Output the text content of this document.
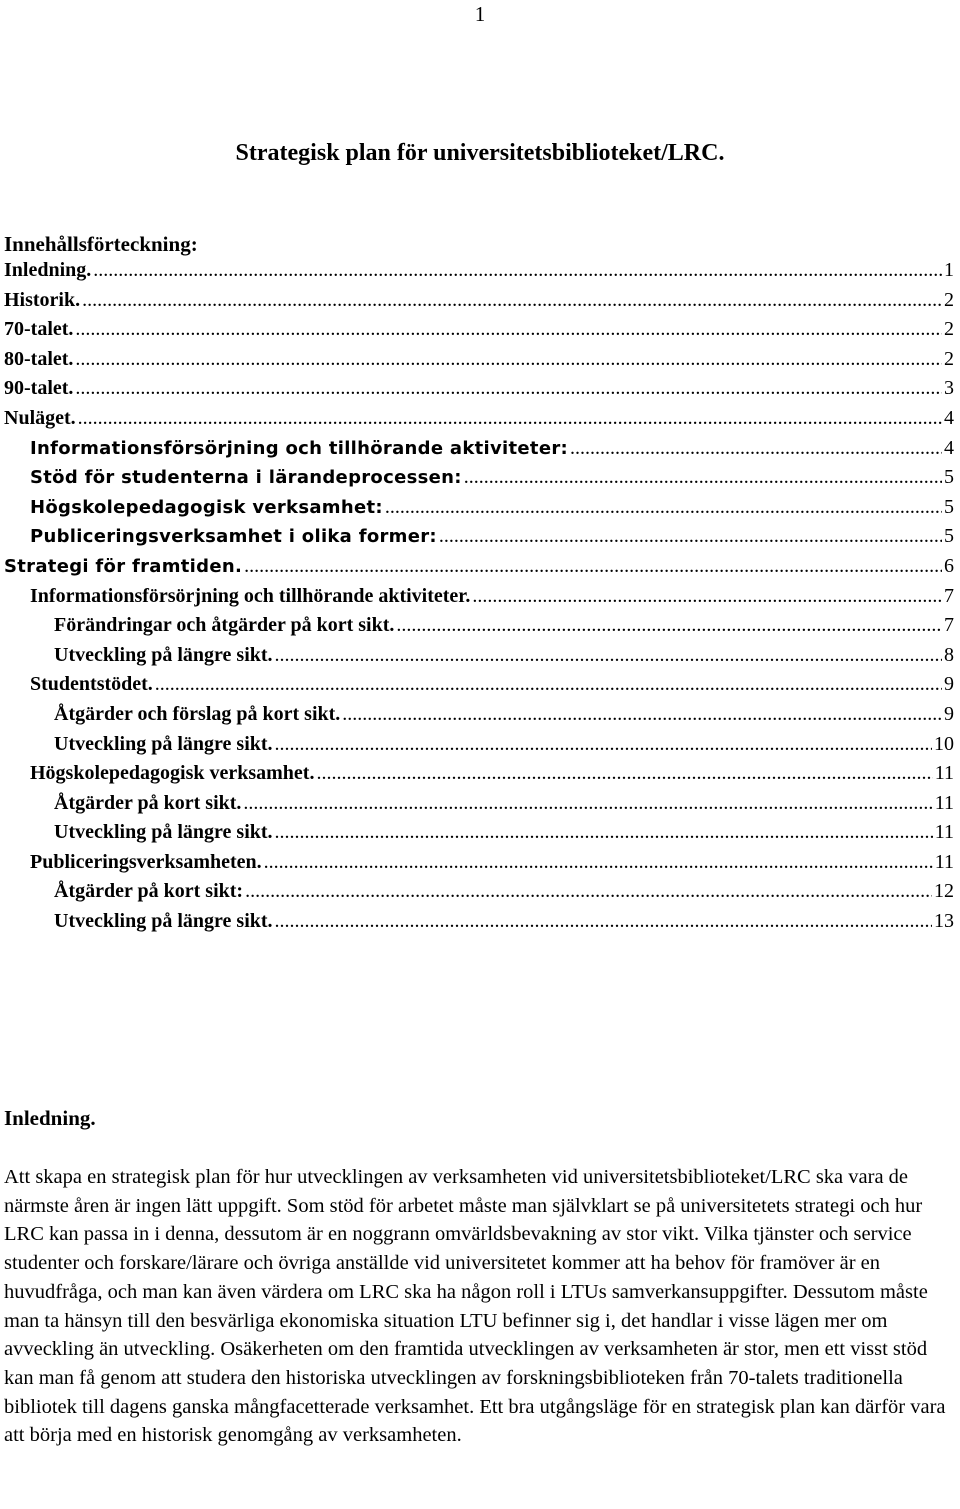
1
Strategisk plan för universitetsbiblioteket/LRC.
Innehållsförteckning:
Inledning. .....	1
Historik. .....	2
70-talet. .....	2
80-talet. .....	2
90-talet. .....	3
Nuläget. .....	4
Informationsförsörjning och tillhörande aktiviteter: .....	4
Stöd för studenterna i lärandeprocessen: .....	5
Högskolepedagogisk verksamhet: .....	5
Publiceringsverksamhet i olika former: .....	5
Strategi för framtiden. .....	6
Informationsförsörjning och tillhörande aktiviteter. .....	7
Förändringar och åtgärder på kort sikt. .....	7
Utveckling på längre sikt. .....	8
Studentstödet. .....	9
Åtgärder och förslag på kort sikt. .....	9
Utveckling på längre sikt. .....	10
Högskolepedagogisk verksamhet. .....	11
Åtgärder på kort sikt. .....	11
Utveckling på längre sikt. .....	11
Publiceringsverksamheten. .....	11
Åtgärder på kort sikt: .....	12
Utveckling på längre sikt. .....	13
Inledning.

Att skapa en strategisk plan för hur utvecklingen av verksamheten vid universitetsbiblioteket/LRC ska vara de närmste åren är ingen lätt uppgift. Som stöd för arbetet måste man självklart se på universitetets strategi och hur LRC kan passa in i denna, dessutom är en noggrann omvärldsbevakning av stor vikt. Vilka tjänster och service studenter och forskare/lärare och övriga anställde vid universitetet kommer att ha behov för framöver är en huvudfråga, och man kan även värdera om LRC ska ha någon roll i LTUs samverkansuppgifter. Dessutom måste man ta hänsyn till den besvärliga ekonomiska situation LTU befinner sig i, det handlar i visse lägen mer om avveckling än utveckling. Osäkerheten om den framtida utvecklingen av verksamheten är stor, men ett visst stöd kan man få genom att studera den historiska utvecklingen av forskningsbiblioteken från 70-talets traditionella bibliotek till dagens ganska mångfacetterade verksamhet. Ett bra utgångsläge för en strategisk plan kan därför vara att börja med en historisk genomgång av verksamheten.
